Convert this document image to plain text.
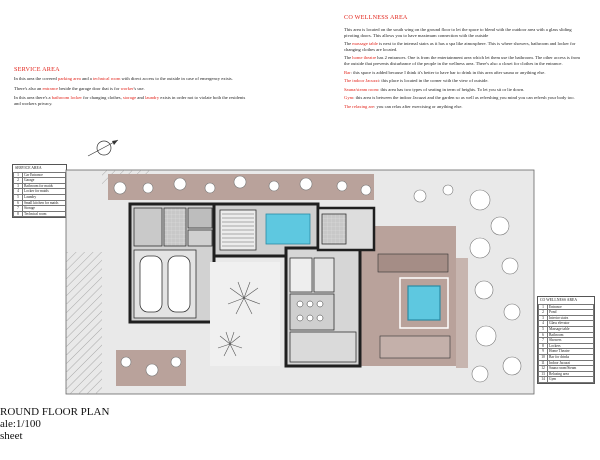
CO WELLNESS AREA
This area is located on the south wing on the ground floor to let the space to blend with the outdoor area with a glass sliding pivoting doors. This allows you to have maximum connection with the outside
The massage table is next to the internal stairs as it has a spa like atmosphere. This is where showers, bathroom and locker for changing clothes are located.
The home theatre has 2 entrances. One is from the entertainment area which let them use the bathroom. The other access is from the outside that prevents disturbance of the people in the wellness area. There's also a closet for clothes in the entrance.
Bar: this space is added because I think it's better to have bar to drink in this area after sauna or anything else.
The indoor Jacuzzi: this place is located in the corner with the view of outside.
Sauna/steam room: this area has two types of seating in term of heights. To let you sit or lie down.
Gym: this area is between the indoor Jacuzzi and the garden so as well as refreshing you mind you can refresh your body too.
The relaxing are: you can relax after exercising or anything else.
SERVICE AREA
In this area the covered parking area and a technical room with direct access to the outside in case of emergency exists.
There's also an entrance beside the garage door that is for worker's use.
In this area there's a bathroom locker for changing clothes, storage and laundry exists in order not to violate both the residents and workers privacy.
SERVICE AREA
1	Car Entrance
2	Garage
3	Bathroom for maids
4	Locker for maids
5	Laundry
6	Small kitchen for maids
7	Storage
8	Technical room
CO WELLNESS AREA
1	Entrance
2	Pond
3	Interior stairs
4	Glass elevator
5	Massage table
6	Bathroom
7	Showers
8	Lockers
9	Home Theatre
10	Bar for drinks
11	Indoor Jacuzzi
12	Sauna room/Steam
13	Relaxing area
14	Gym
ROUND FLOOR PLAN
ale:1/100
sheet
